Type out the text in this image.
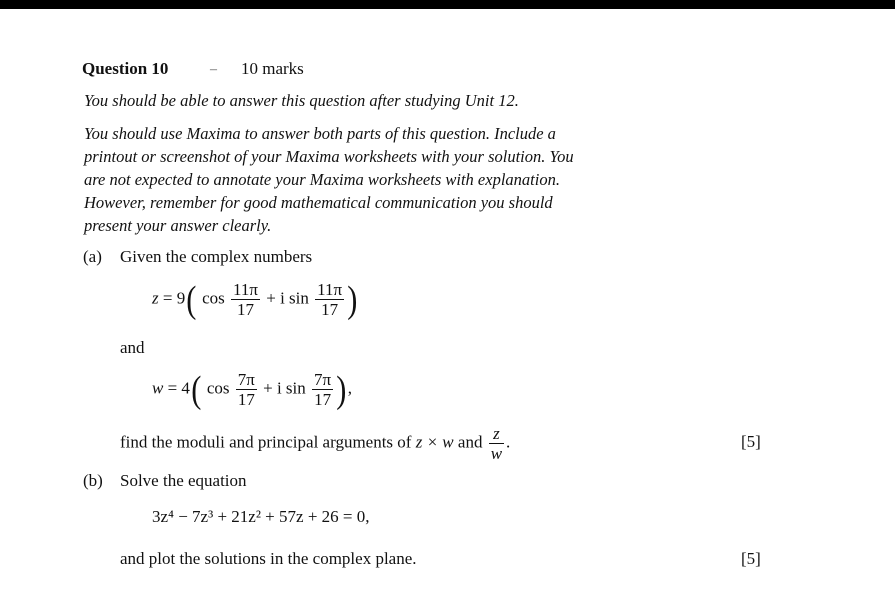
Question 10	– 10 marks
You should be able to answer this question after studying Unit 12.
You should use Maxima to answer both parts of this question. Include a
printout or screenshot of your Maxima worksheets with your solution. You
are not expected to annotate your Maxima worksheets with explanation.
However, remember for good mathematical communication you should
present your answer clearly.
(a) Given the complex numbers
z = 9( $\cos \frac{11\pi}{17} + i$ $\sin \frac{11\pi}{17}$ )
and
w = 4( $\cos \frac{7\pi}{17} + i$ $\sin \frac{7\pi}{17}$ ),
find the moduli and principal arguments of z × w and $\frac{z}{w}$ .	[5]
(b) Solve the equation
3z⁴ − 7z³ + 21z² + 57z + 26 = 0,
and plot the solutions in the complex plane.	[5]
